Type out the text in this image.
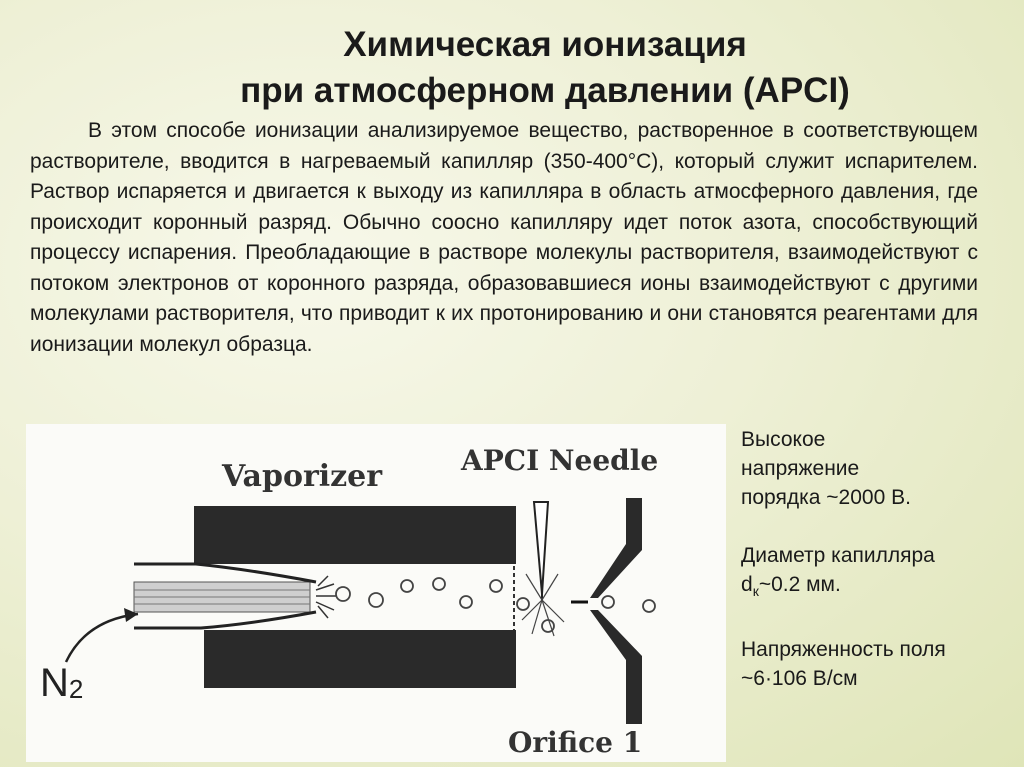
Химическая ионизация
при атмосферном давлении (APCI)

В этом способе ионизации анализируемое вещество, растворенное в соответствующем растворителе, вводится в нагреваемый капилляр (350-400°С), который служит испарителем. Раствор испаряется и двигается к выходу из капилляра в область атмосферного давления, где происходит коронный разряд. Обычно соосно капилляру идет поток азота, способствующий процессу испарения. Преобладающие в растворе молекулы растворителя, взаимодействуют с потоком электронов от коронного разряда, образовавшиеся ионы взаимодействуют с другими молекулами растворителя, что приводит к их протонированию и они становятся реагентами для ионизации молекул образца.

Vaporizer	APCI Needle
Orifice 1
N2
Высокое
напряжение
порядка ~2000 В.
Диаметр капилляра
$d_к\sim 0.2$ мм.
Напряженность поля
~6·106 В/см
